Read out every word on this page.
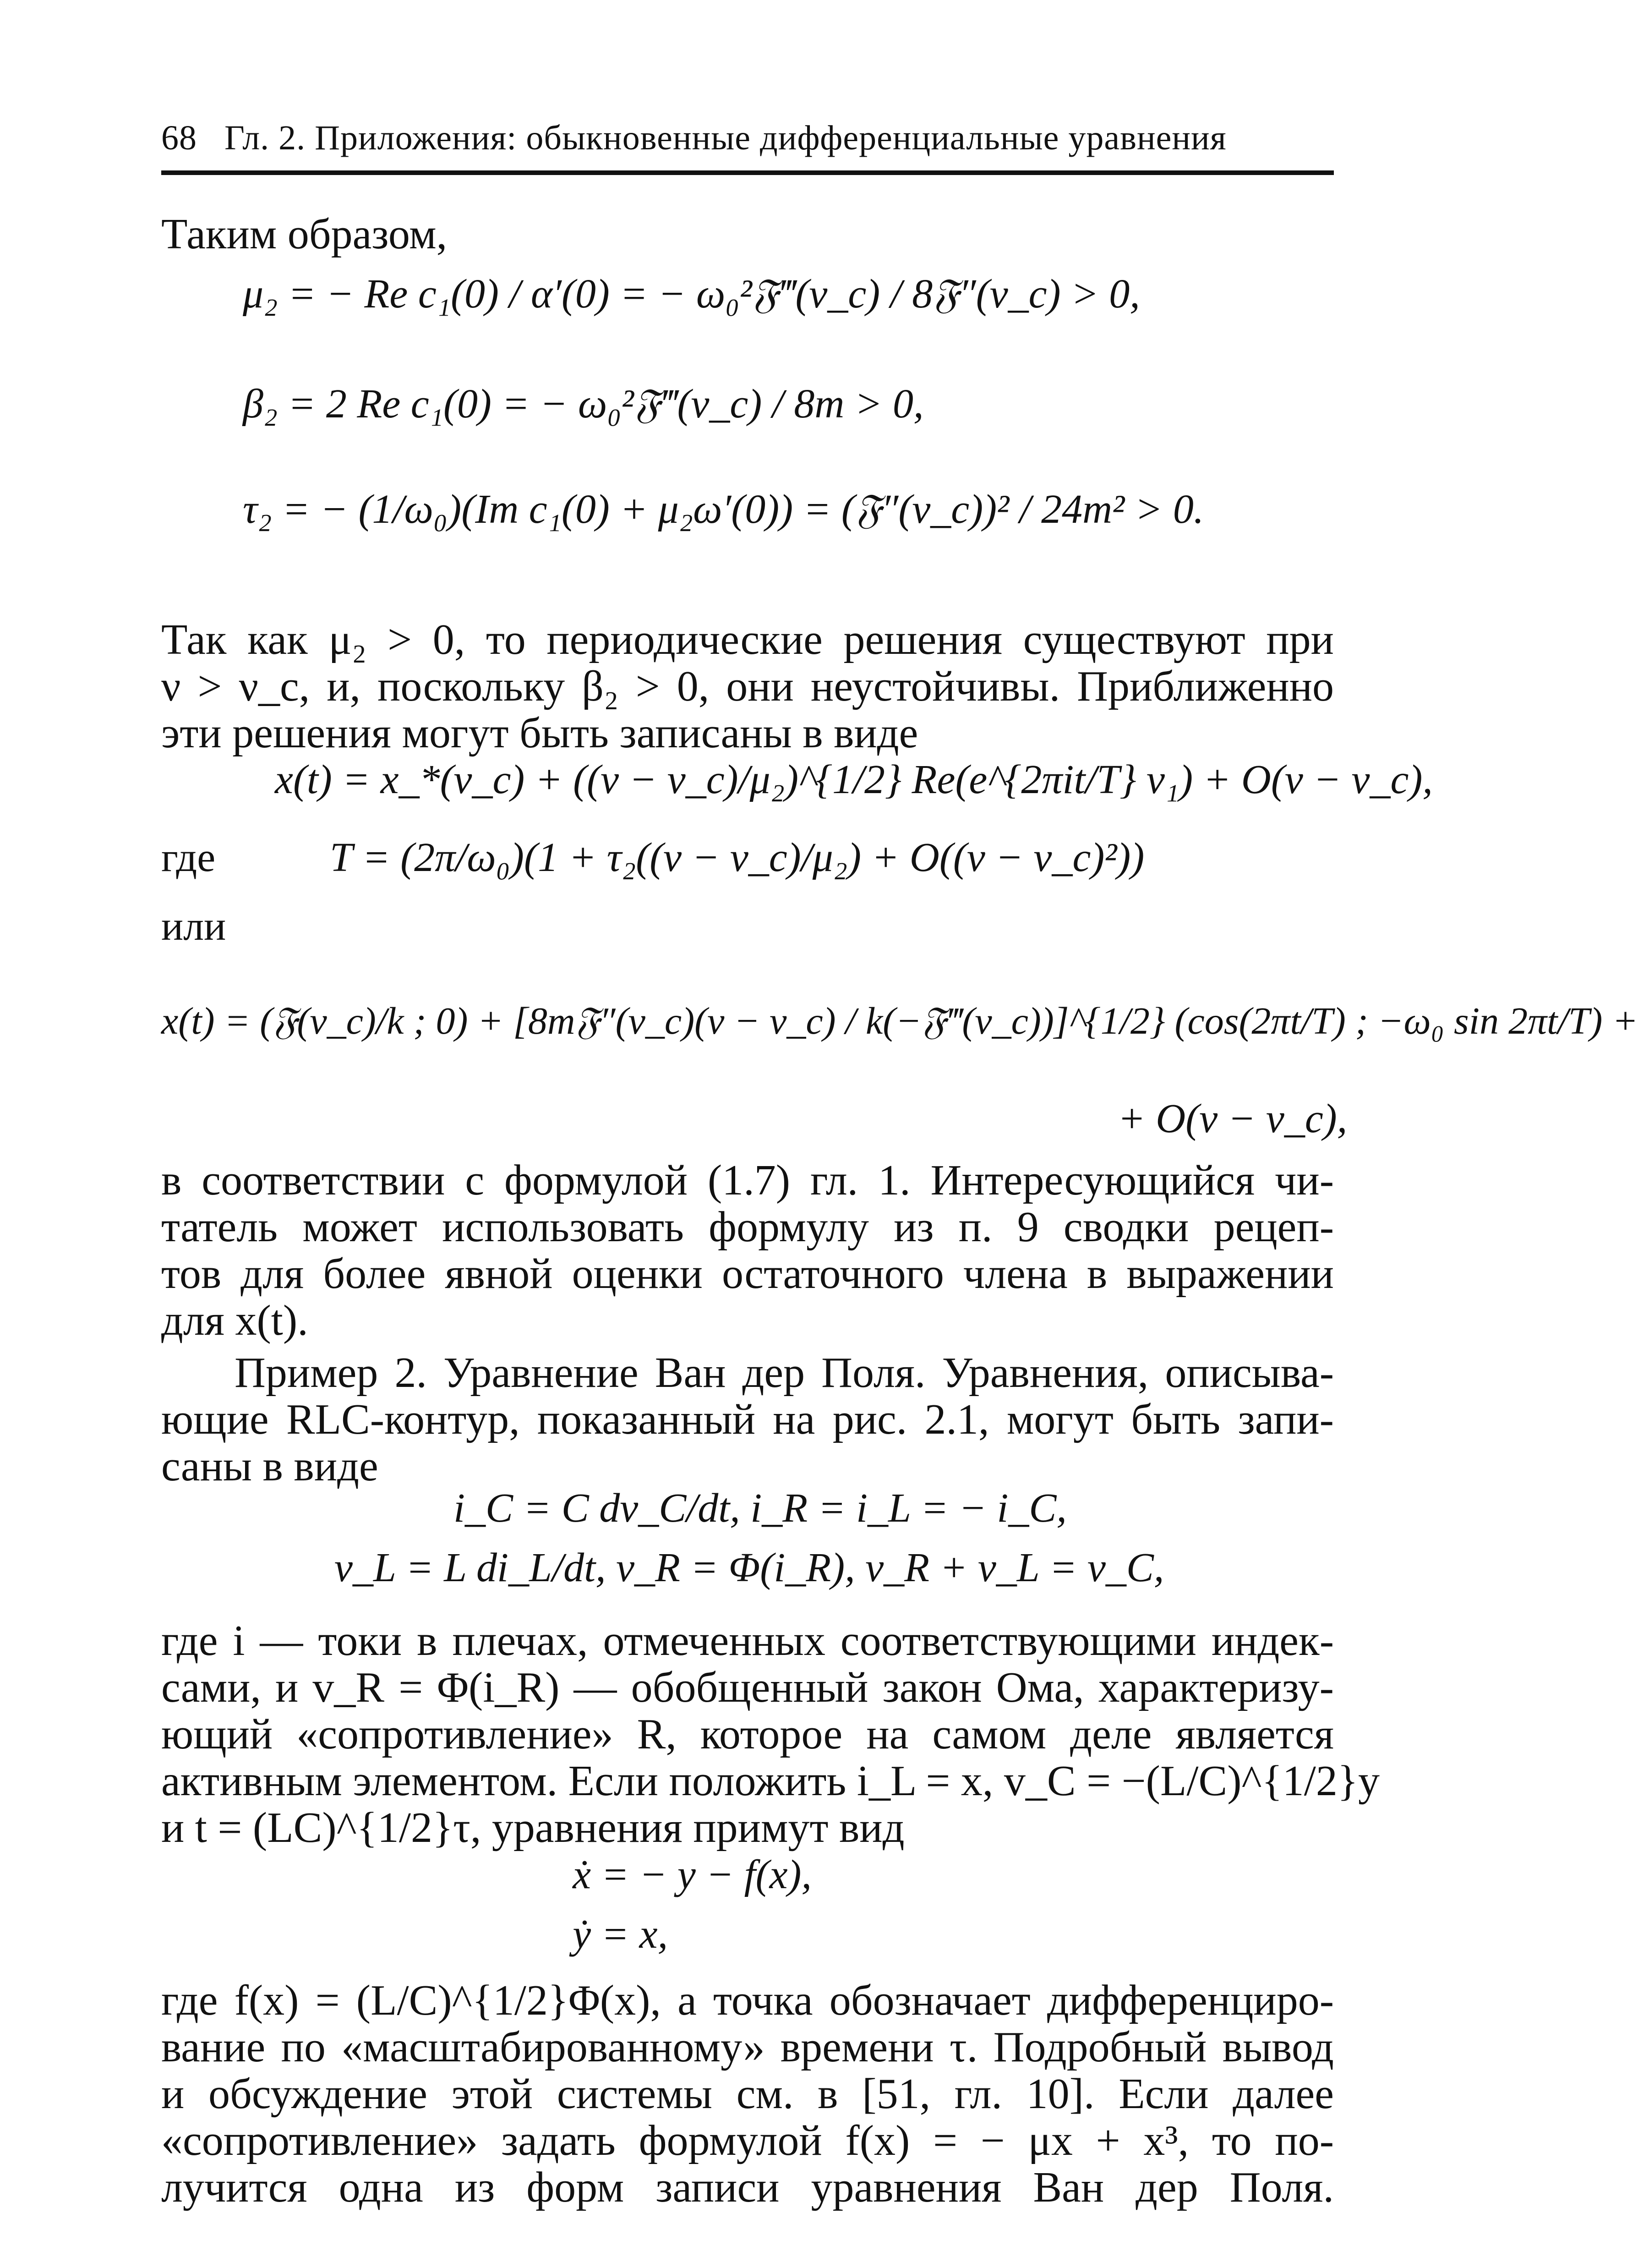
68 Гл. 2. Приложения: обыкновенные дифференциальные уравнения
Таким образом,
μ₂ = − Re c₁(0) / α′(0) = − ω₀²𝔉‴(ν_c) / 8𝔉″(ν_c) > 0,
β₂ = 2 Re c₁(0) = − ω₀²𝔉‴(ν_c) / 8m > 0,
τ₂ = − (1/ω₀)(Im c₁(0) + μ₂ω′(0)) = (𝔉″(ν_c))² / 24m² > 0.
Так как μ₂ > 0, то периодические решения существуют при
ν > ν_c, и, поскольку β₂ > 0, они неустойчивы. Приближенно
эти решения могут быть записаны в виде
x(t) = x_*(ν_c) + ((ν − ν_c)/μ₂)^{1/2} Re(e^{2πit/T} v₁) + O(ν − ν_c),
где	T = (2π/ω₀)(1 + τ₂((ν − ν_c)/μ₂) + O((ν − ν_c)²))
или
x(t) = (𝔉(ν_c)/k ; 0) + [8m𝔉″(ν_c)(ν − ν_c) / k(−𝔉‴(ν_c))]^{1/2} (cos(2πt/T) ; −ω₀ sin 2πt/T) +
+ O(ν − ν_c),
в соответствии с формулой (1.7) гл. 1. Интересующийся чи-
татель может использовать формулу из п. 9 сводки рецеп-
тов для более явной оценки остаточного члена в выражении
для x(t).
Пример 2. Уравнение Ван дер Поля. Уравнения, описыва-
ющие RLC-контур, показанный на рис. 2.1, могут быть запи-
саны в виде
i_C = C dv_C/dt, i_R = i_L = − i_C,
v_L = L di_L/dt, v_R = Φ(i_R), v_R + v_L = v_C,
где i — токи в плечах, отмеченных соответствующими индек-
сами, и v_R = Φ(i_R) — обобщенный закон Ома, характеризу-
ющий «сопротивление» R, которое на самом деле является
активным элементом. Если положить i_L = x, v_C = −(L/C)^{1/2}y
и t = (LC)^{1/2}τ, уравнения примут вид
ẋ = − y − f(x),
ẏ = x,
где f(x) = (L/C)^{1/2}Φ(x), а точка обозначает дифференциро-
вание по «масштабированному» времени τ. Подробный вывод
и обсуждение этой системы см. в [51, гл. 10]. Если далее
«сопротивление» задать формулой f(x) = − μx + x³, то по-
лучится одна из форм записи уравнения Ван дер Поля.
